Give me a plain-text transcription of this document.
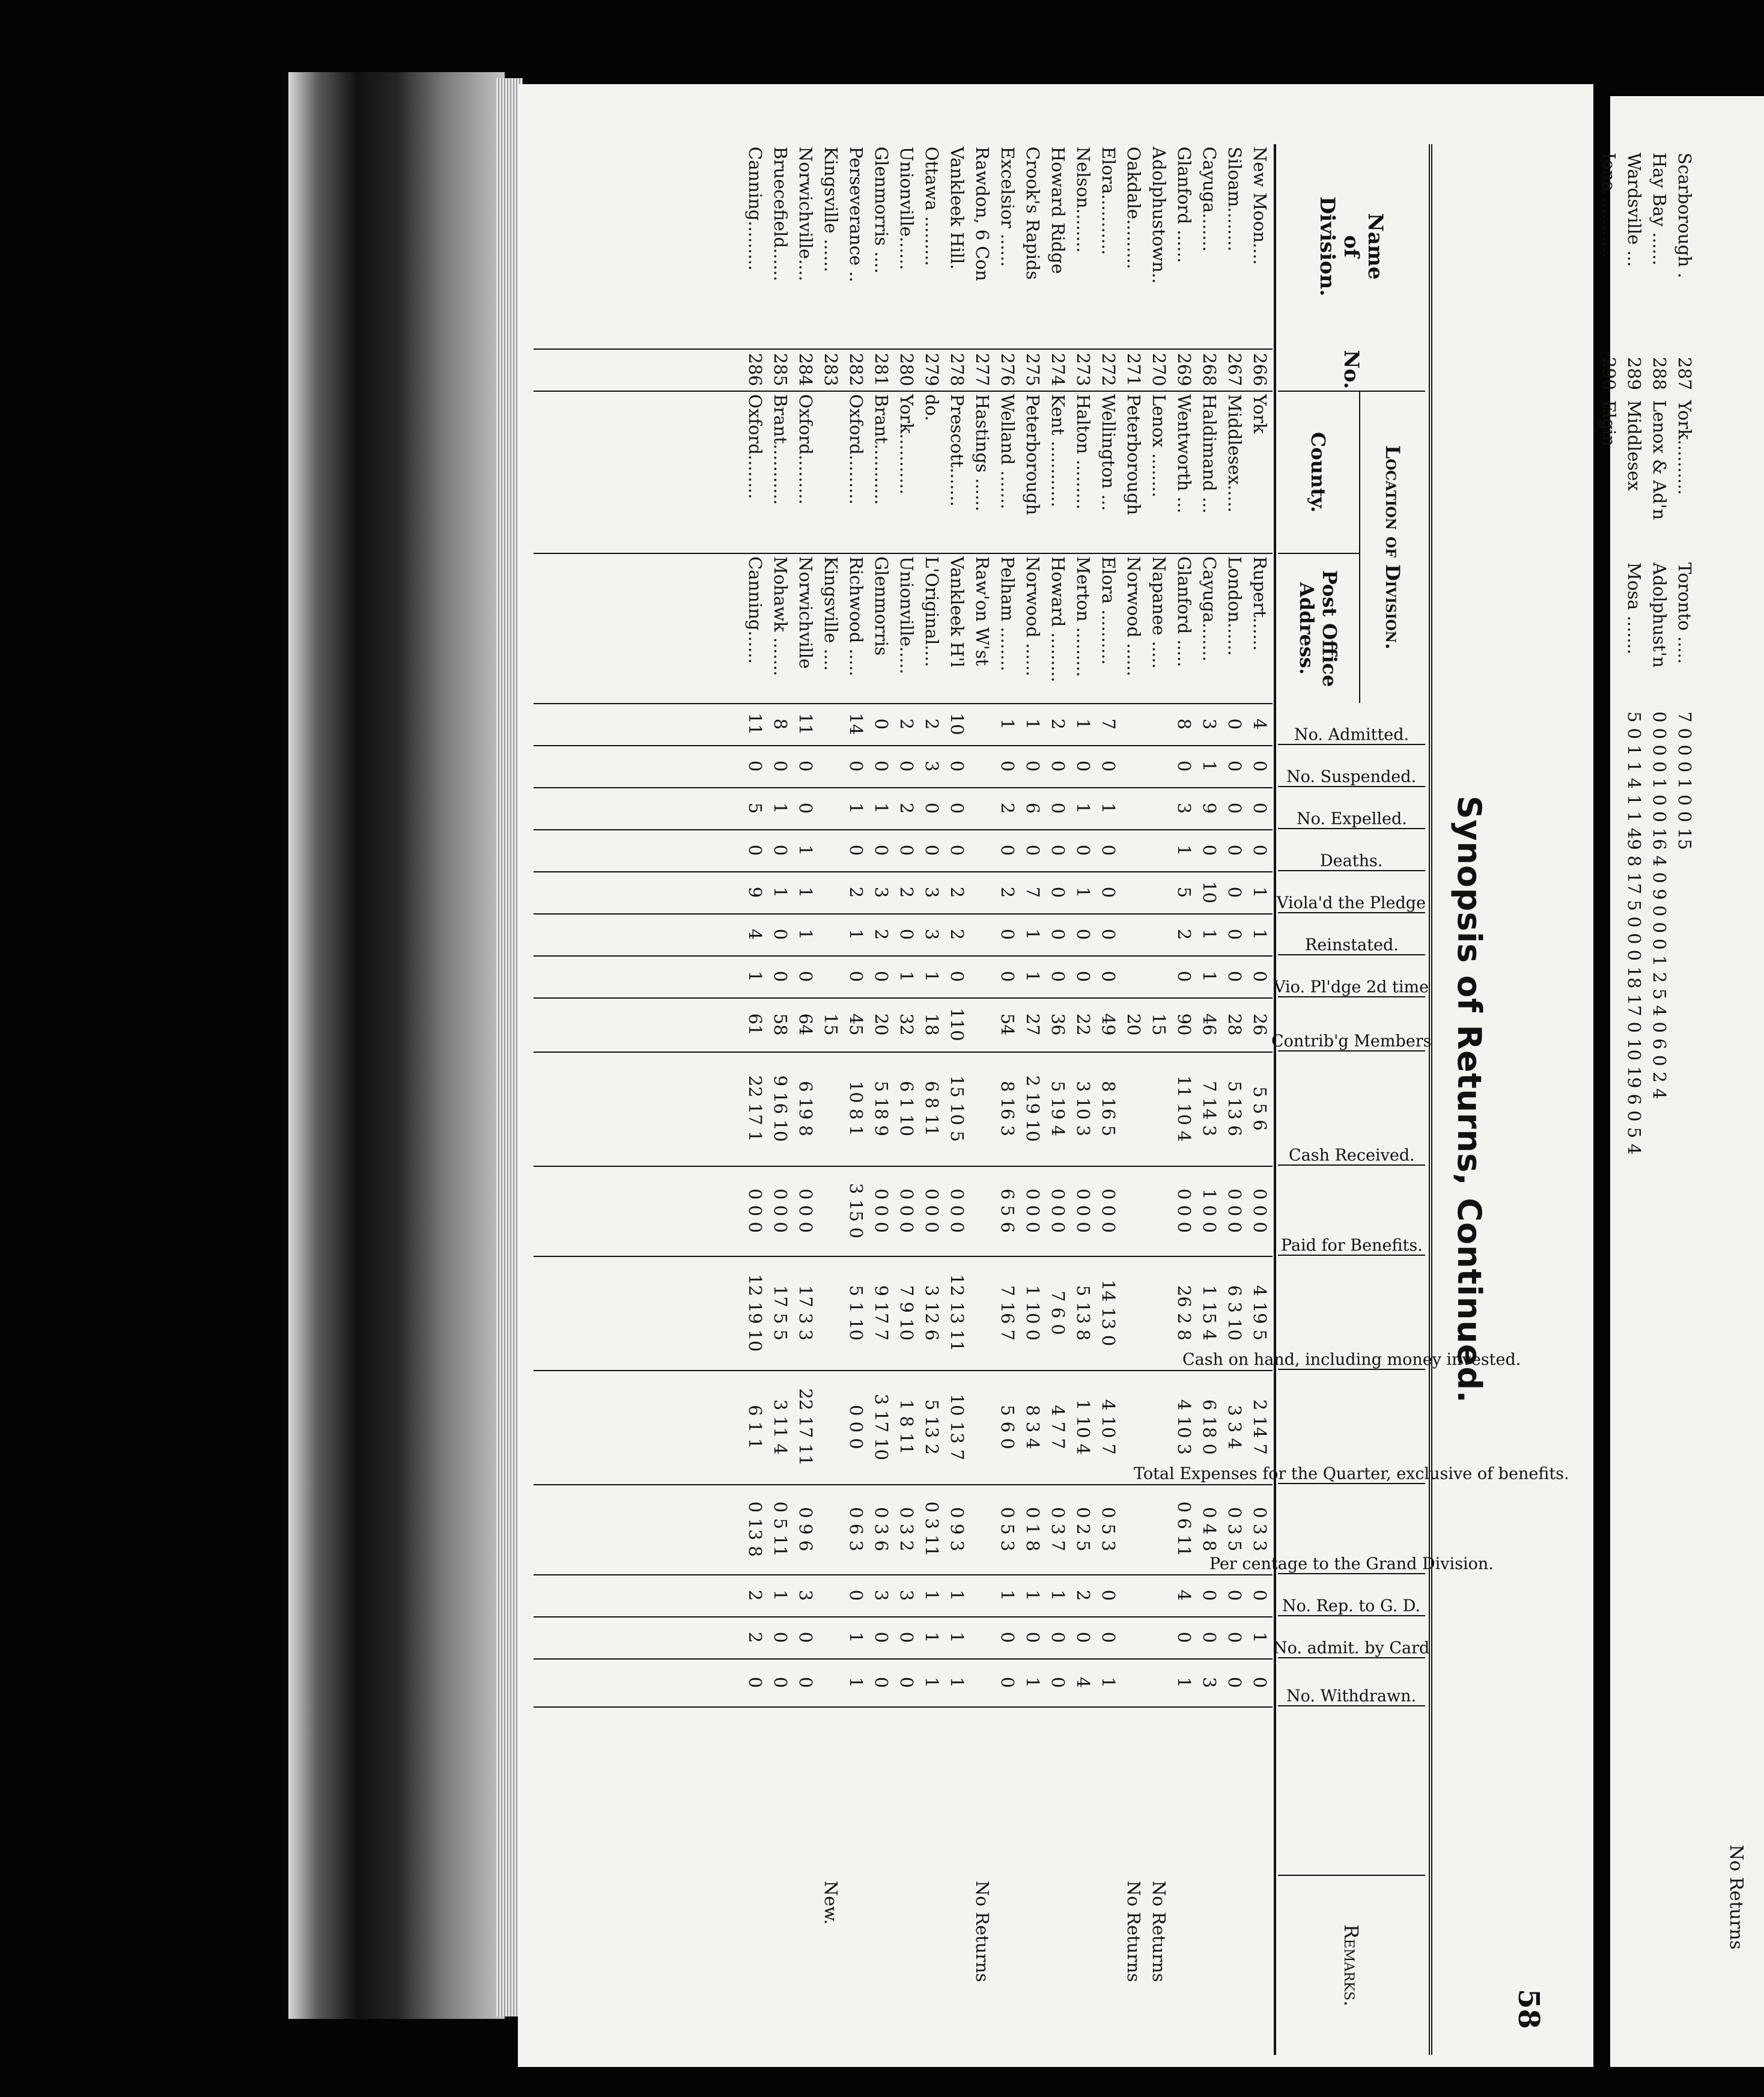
Synopsis of Returns, Continued.
58
Name
of
Division.
No.
Location of Division.
County.
Post Office
Address.
No. Admitted.
No. Suspended.
No. Expelled.
Deaths.
Viola'd the Pledge
Reinstated.
Vio. Pl'dge 2d time
Contrib'g Members
Cash Received.
Paid for Benefits.
Cash on hand, including money invested.
Total Expenses for the Quarter, exclusive of benefits.
Per centage to the Grand Division.
No. Rep. to G. D.
No. admit. by Card
No. Withdrawn.
Remarks.
New Moon....
266
York
Rupert......
4
0
0
0
1
1
0
26
5 5 6
0 0 0
4 19 5
2 14 7
0 3 3
0
1
0
Siloam........
267
Middlesex.....
London......
0
0
0
0
0
0
0
28
5 13 6
0 0 0
6 3 10
3 3 4
0 3 5
0
0
0
Cayuga.......
268
Haldimand ...
Cayuga.......
3
1
9
0
10
1
1
46
7 14 3
1 0 0
1 15 4
6 18 0
0 4 8
0
0
3
Glanford ......
269
Wentworth ...
Glanford .....
8
0
3
1
5
2
0
90
11 10 4
0 0 0
26 2 8
4 10 3
0 6 11
4
0
1
Adolphustown..
270
Lenox ........
Napanee .....
15
No Returns
Oakdale.........
271
Peterborough
Norwood ......
20
No Returns
Elora...........
272
Wellington ...
Elora ..........
7
0
1
0
0
0
0
49
8 16 5
0 0 0
14 13 0
4 10 7
0 5 3
0
0
1
Nelson........
273
Halton .........
Merton .........
1
0
1
0
1
0
0
22
3 10 3
0 0 0
5 13 8
1 10 4
0 2 5
2
0
4
Howard Ridge
274
Kent ............
Howard .........
2
0
0
0
0
0
0
36
5 19 4
0 0 0
7 6 0
4 7 7
0 3 7
1
0
0
Crook's Rapids
275
Peterborough
Norwood ......
1
0
6
0
7
1
1
27
2 19 10
0 0 0
1 10 0
8 3 4
0 1 8
1
0
1
Excelsior ......
276
Welland .......
Pelham ........
1
0
2
0
2
0
0
54
8 16 3
6 5 6
7 16 7
5 6 0
0 5 3
1
0
0
Rawdon, 6 Con
277
Hastings ......
Raw'on W'st
No Returns
Vankleek Hill.
278
Prescott.......
Vankleek H'l
10
0
0
0
2
2
0
110
15 10 5
0 0 0
12 13 11
10 13 7
0 9 3
1
1
1
Ottawa .........
279
do.
L'Original....
2
3
0
0
3
3
1
18
6 8 11
0 0 0
3 12 6
5 13 2
0 3 11
1
1
1
Unionville......
280
York...........
Unionville.....
2
0
2
0
2
0
1
32
6 1 10
0 0 0
7 9 10
1 8 11
0 3 2
3
0
0
Glenmorris ....
281
Brant...........
Glenmorris
0
0
1
0
3
2
0
20
5 18 9
0 0 0
9 17 7
3 17 10
0 3 6
3
0
0
Perseverance ..
282
Oxford.........
Richwood .....
14
0
1
0
2
1
0
45
10 8 1
3 15 0
5 1 10
0 0 0
0 6 3
0
1
1
Kingsville ......
283
Kingsville ....
15
New.
Norwichville....
284
Oxford.........
Norwichville
11
0
0
1
1
1
0
64
6 19 8
0 0 0
17 3 3
22 17 11
0 9 6
3
0
0
Bruecefield......
285
Brant...........
Mohawk .......
8
0
1
0
1
0
0
58
9 16 10
0 0 0
17 5 5
3 11 4
0 5 11
1
0
0
Canning.........
286
Oxford........
Canning......
11
0
5
0
9
4
1
61
22 17 1
0 0 0
12 19 10
6 1 1
0 13 8
2
2
0
No Returns
Scarborough .
287
York..........
Toronto .....
7 0 0 0 1 0 0 15
Hay Bay ......
288
Lenox & Ad'n
Adolphust'n
0 0 0 0 1 0 0 16 4 0 9 0 0 0 1 2 5 4 0 6 0 2 4
Wardsville ...
289
Middlesex
Mosa .......
5 0 1 1 4 1 1 49 8 17 5 0 0 0 18 17 0 10 19 6 0 5 4
Iona ...........
290
Elgin
